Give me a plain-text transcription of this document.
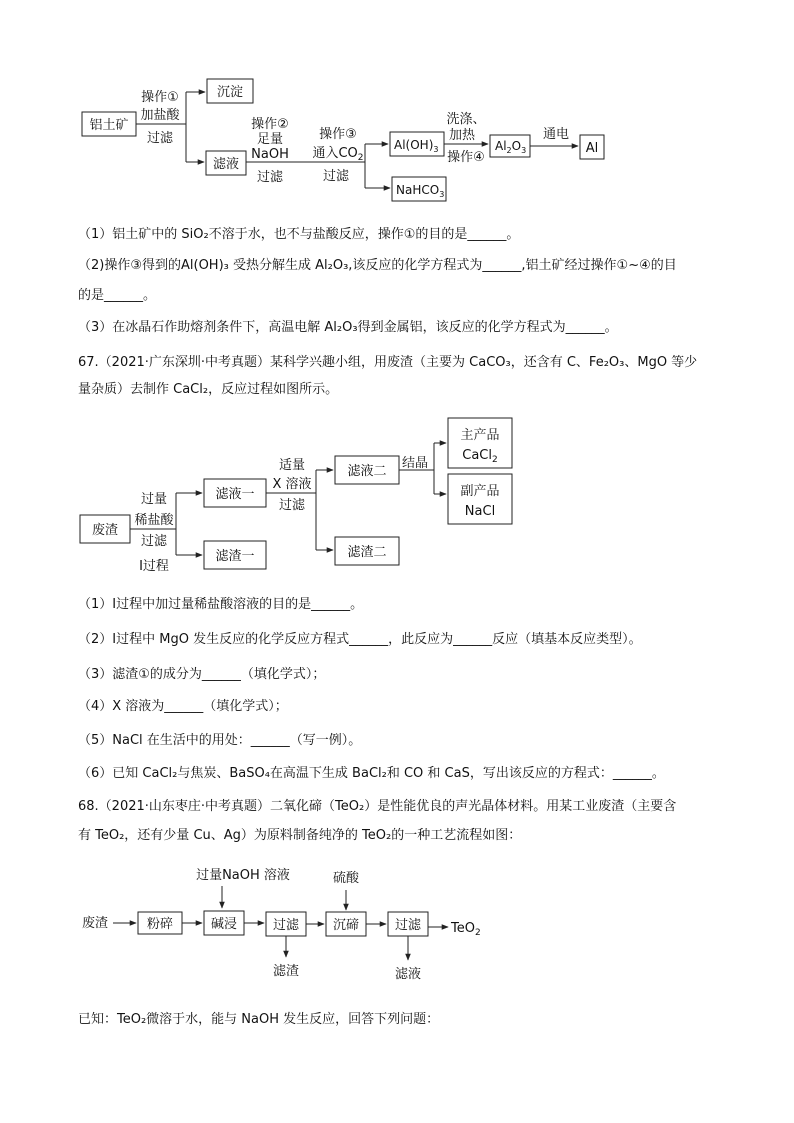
铝土矿
操作①
加盐酸
过滤
沉淀
滤液
操作②
足量
NaOH
过滤
操作③
通入$CO_2$
过滤
$Al(OH)_3$
NaHCO$_3$
洗涤、
加热
操作④
$Al_2O_3$
通电
Al
废渣
过量
稀盐酸
过滤
Ⅰ过程
滤液一
滤渣一
适量
X 溶液
过滤
滤液二
滤渣二
结晶
主产品
CaCl$_2$
副产品
NaCl
过量NaOH 溶液	硫酸
废渣	粉碎	碱浸	过滤
滤渣
沉碲	过滤
滤液
TeO$_2$
（1）铝土矿中的 SiO₂不溶于水，也不与盐酸反应，操作①的目的是______。
（2)操作③得到的Al(OH)₃ 受热分解生成 Al₂O₃,该反应的化学方程式为______,铝土矿经过操作①~④的目
的是______。
（3）在冰晶石作助熔剂条件下，高温电解 Al₂O₃得到金属铝，该反应的化学方程式为______。
67.（2021·广东深圳·中考真题）某科学兴趣小组，用废渣（主要为 CaCO₃，还含有 C、Fe₂O₃、MgO 等少
量杂质）去制作 CaCl₂，反应过程如图所示。
（1）Ⅰ过程中加过量稀盐酸溶液的目的是______。
（2）Ⅰ过程中 MgO 发生反应的化学反应方程式______，此反应为______反应（填基本反应类型）。
（3）滤渣①的成分为______（填化学式）；
（4）X 溶液为______（填化学式）；
（5）NaCl 在生活中的用处：______（写一例）。
（6）已知 CaCl₂与焦炭、BaSO₄在高温下生成 BaCl₂和 CO 和 CaS，写出该反应的方程式：______。
68.（2021·山东枣庄·中考真题）二氧化碲（TeO₂）是性能优良的声光晶体材料。用某工业废渣（主要含
有 TeO₂，还有少量 Cu、Ag）为原料制备纯净的 TeO₂的一种工艺流程如图：
已知：TeO₂微溶于水，能与 NaOH 发生反应，回答下列问题：
